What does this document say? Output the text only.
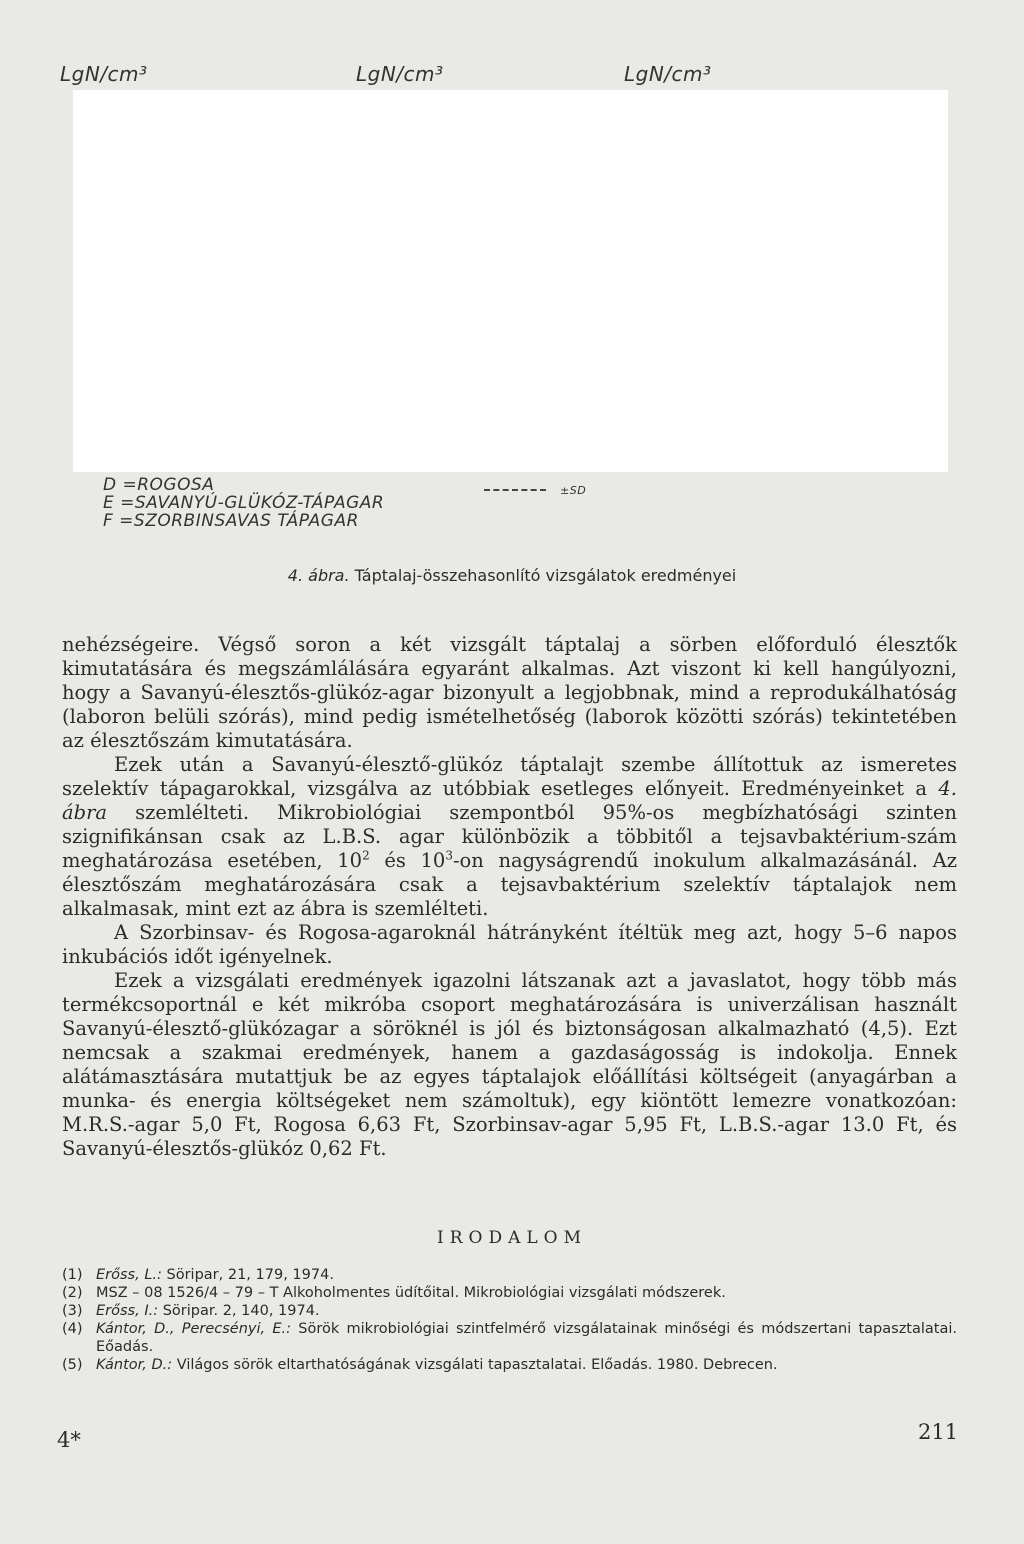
LgN/cm³	LgN/cm³	LgN/cm³
D =ROGOSA
E =SAVANYÚ-GLÜKÓZ-TÁPAGAR
F =SZORBINSAVAS TÁPAGAR
±SD
4. ábra. Táptalaj-összehasonlító vizsgálatok eredményei

nehézségeire. Végső soron a két vizsgált táptalaj a sörben előforduló élesztők kimutatására és megszámlálására egyaránt alkalmas. Azt viszont ki kell hangúlyozni, hogy a Savanyú-élesztős-glükóz-agar bizonyult a legjobbnak, mind a reprodukálhatóság (laboron belüli szórás), mind pedig ismételhetőség (laborok közötti szórás) tekintetében az élesztőszám kimutatására.

Ezek után a Savanyú-élesztő-glükóz táptalajt szembe állítottuk az ismeretes szelektív tápagarokkal, vizsgálva az utóbbiak esetleges előnyeit. Eredményeinket a 4. ábra szemlélteti. Mikrobiológiai szempontból 95%-os megbízhatósági szinten szignifikánsan csak az L.B.S. agar különbözik a többitől a tejsavbaktérium-szám meghatározása esetében, $10^2$ és $10^3-on$ nagyságrendű inokulum alkalmazásánál. Az élesztőszám meghatározására csak a tejsavbaktérium szelektív táptalajok nem alkalmasak, mint ezt az ábra is szemlélteti.

A Szorbinsav- és Rogosa-agaroknál hátrányként ítéltük meg azt, hogy 5–6 napos inkubációs időt igényelnek.

Ezek a vizsgálati eredmények igazolni látszanak azt a javaslatot, hogy több más termékcsoportnál e két mikróba csoport meghatározására is univerzálisan használt Savanyú-élesztő-glükózagar a söröknél is jól és biztonságosan alkalmazható (4,5). Ezt nemcsak a szakmai eredmények, hanem a gazdaságosság is indokolja. Ennek alátámasztására mutattjuk be az egyes táptalajok előállítási költségeit (anyagárban a munka- és energia költségeket nem számoltuk), egy kiöntött lemezre vonatkozóan: M.R.S.-agar 5,0 Ft, Rogosa 6,63 Ft, Szorbinsav-agar 5,95 Ft, L.B.S.-agar 13.0 Ft, és Savanyú-élesztős-glükóz 0,62 Ft.

IRODALOM
(1) Erőss, L.: Söripar, 21, 179, 1974.
(2) MSZ – 08 1526/4 – 79 – T Alkoholmentes üdítőital. Mikrobiológiai vizsgálati módszerek.
(3) Erőss, I.: Söripar. 2, 140, 1974.
(4) Kántor, D., Perecsényi, E.: Sörök mikrobiológiai szintfelmérő vizsgálatainak minőségi és módszertani tapasztalatai. Eőadás.
(5) Kántor, D.: Világos sörök eltarthatóságának vizsgálati tapasztalatai. Előadás. 1980. Debrecen.
4*	211
